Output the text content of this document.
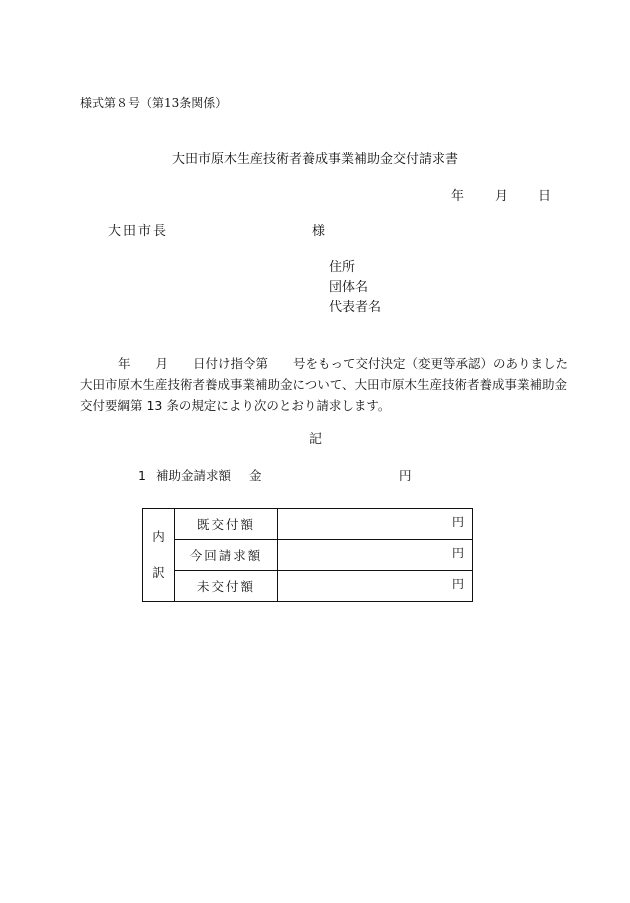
様式第８号（第13条関係）
大田市原木生産技術者養成事業補助金交付請求書
年 月 日
大田市長	様
住所
団体名
代表者名
年　　月　　日付け指令第　　号をもって交付決定（変更等承認）のありました
大田市原木生産技術者養成事業補助金について、大田市原木生産技術者養成事業補助金
交付要綱第 13 条の規定により次のとおり請求します。
記
1 補助金請求額 金	円
内
訳	既交付額	円

	今回請求額	円

	未交付額	円
